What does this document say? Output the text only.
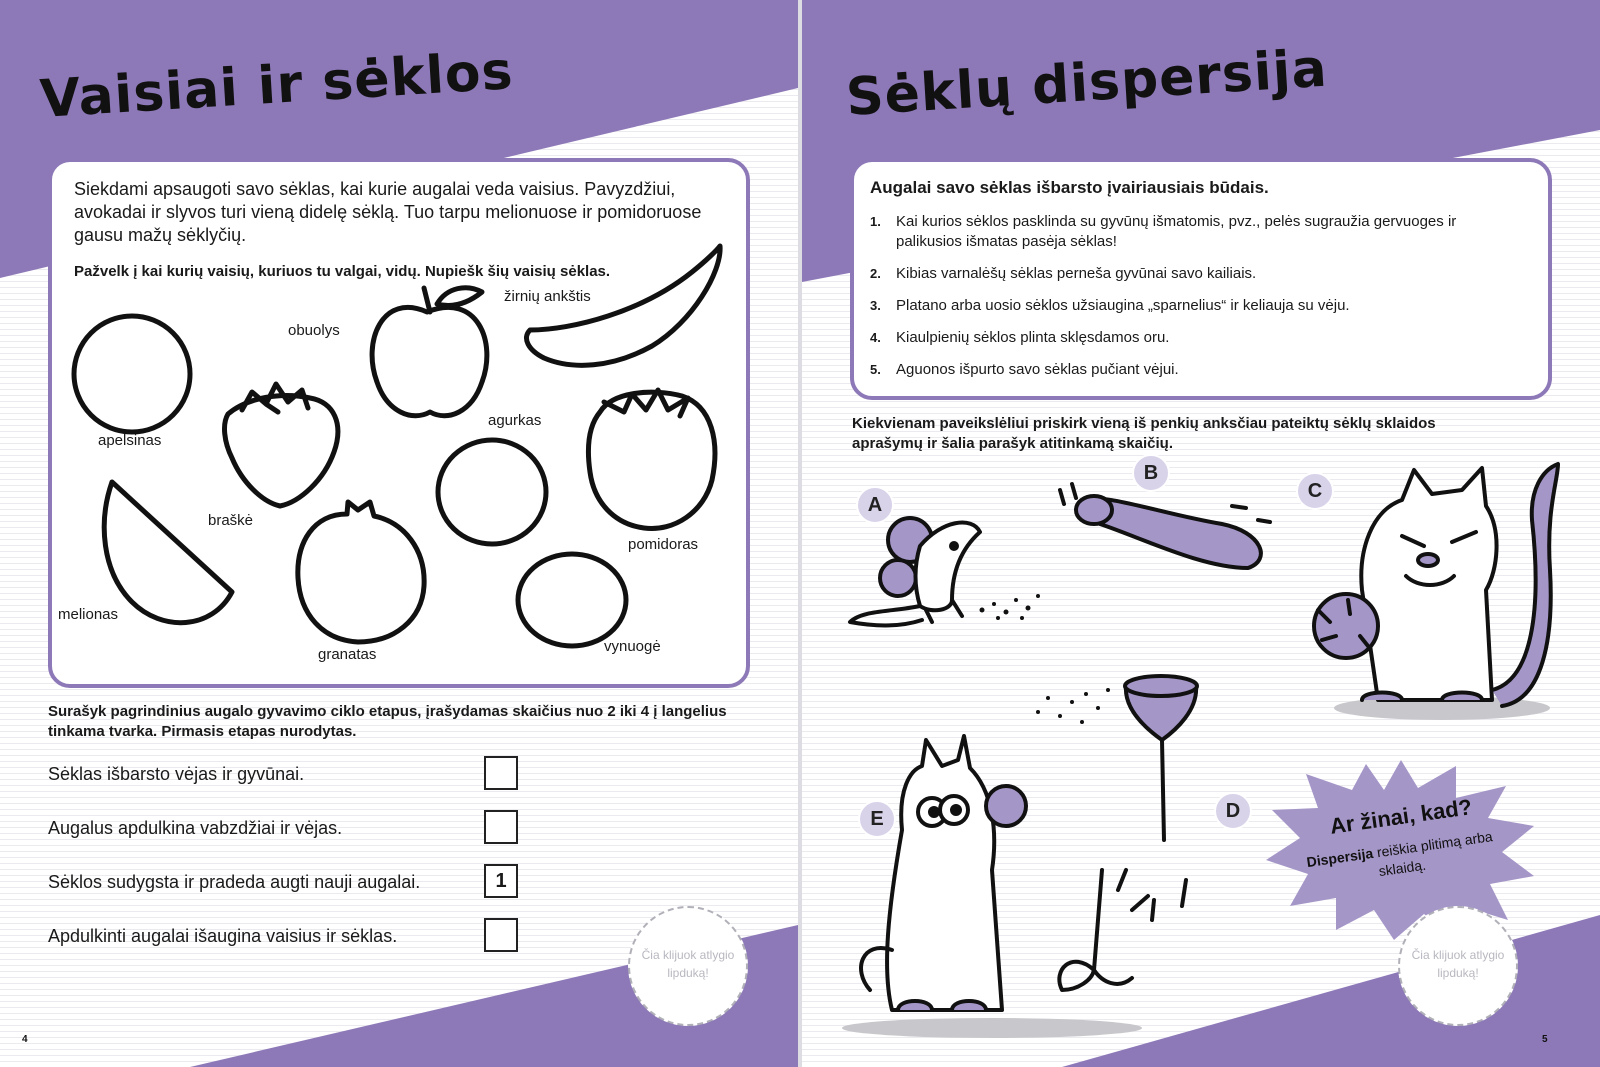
Vaisiai ir sėklos
Siekdami apsaugoti savo sėklas, kai kurie augalai veda vaisius. Pavyzdžiui, avokadai ir slyvos turi vieną didelę sėklą. Tuo tarpu melionuose ir pomidoruose gausu mažų sėklyčių.
Pažvelk į kai kurių vaisių, kuriuos tu valgai, vidų. Nupiešk šių vaisių sėklas.
apelsinas
obuolys
žirnių ankštis
braškė
agurkas
pomidoras
melionas
granatas	vynuogė
Surašyk pagrindinius augalo gyvavimo ciklo etapus, įrašydamas skaičius nuo 2 iki 4 į langelius tinkama tvarka. Pirmasis etapas nurodytas.
Sėklas išbarsto vėjas ir gyvūnai.
Augalus apdulkina vabzdžiai ir vėjas.
Sėklos sudygsta ir pradeda augti nauji augalai.	1
Apdulkinti augalai išaugina vaisius ir sėklas.
Čia klijuok atlygio lipduką!
4
Sėklų dispersija
Augalai savo sėklas išbarsto įvairiausiais būdais.
1. Kai kurios sėklos pasklinda su gyvūnų išmatomis, pvz., pelės sugraužia gervuoges ir palikusios išmatas pasėja sėklas!
2. Kibias varnalėšų sėklas perneša gyvūnai savo kailiais.
3. Platano arba uosio sėklos užsiaugina „sparnelius“ ir keliauja su vėju.
4. Kiaulpienių sėklos plinta sklęsdamos oru.
5. Aguonos išpurto savo sėklas pučiant vėjui.
Kiekvienam paveikslėliui priskirk vieną iš penkių anksčiau pateiktų sėklų sklaidos aprašymų ir šalia parašyk atitinkamą skaičių.
A
B
C
D
E	Ar žinai, kad?
Dispersija reiškia plitimą arba sklaidą.
Čia klijuok atlygio lipduką!
5
